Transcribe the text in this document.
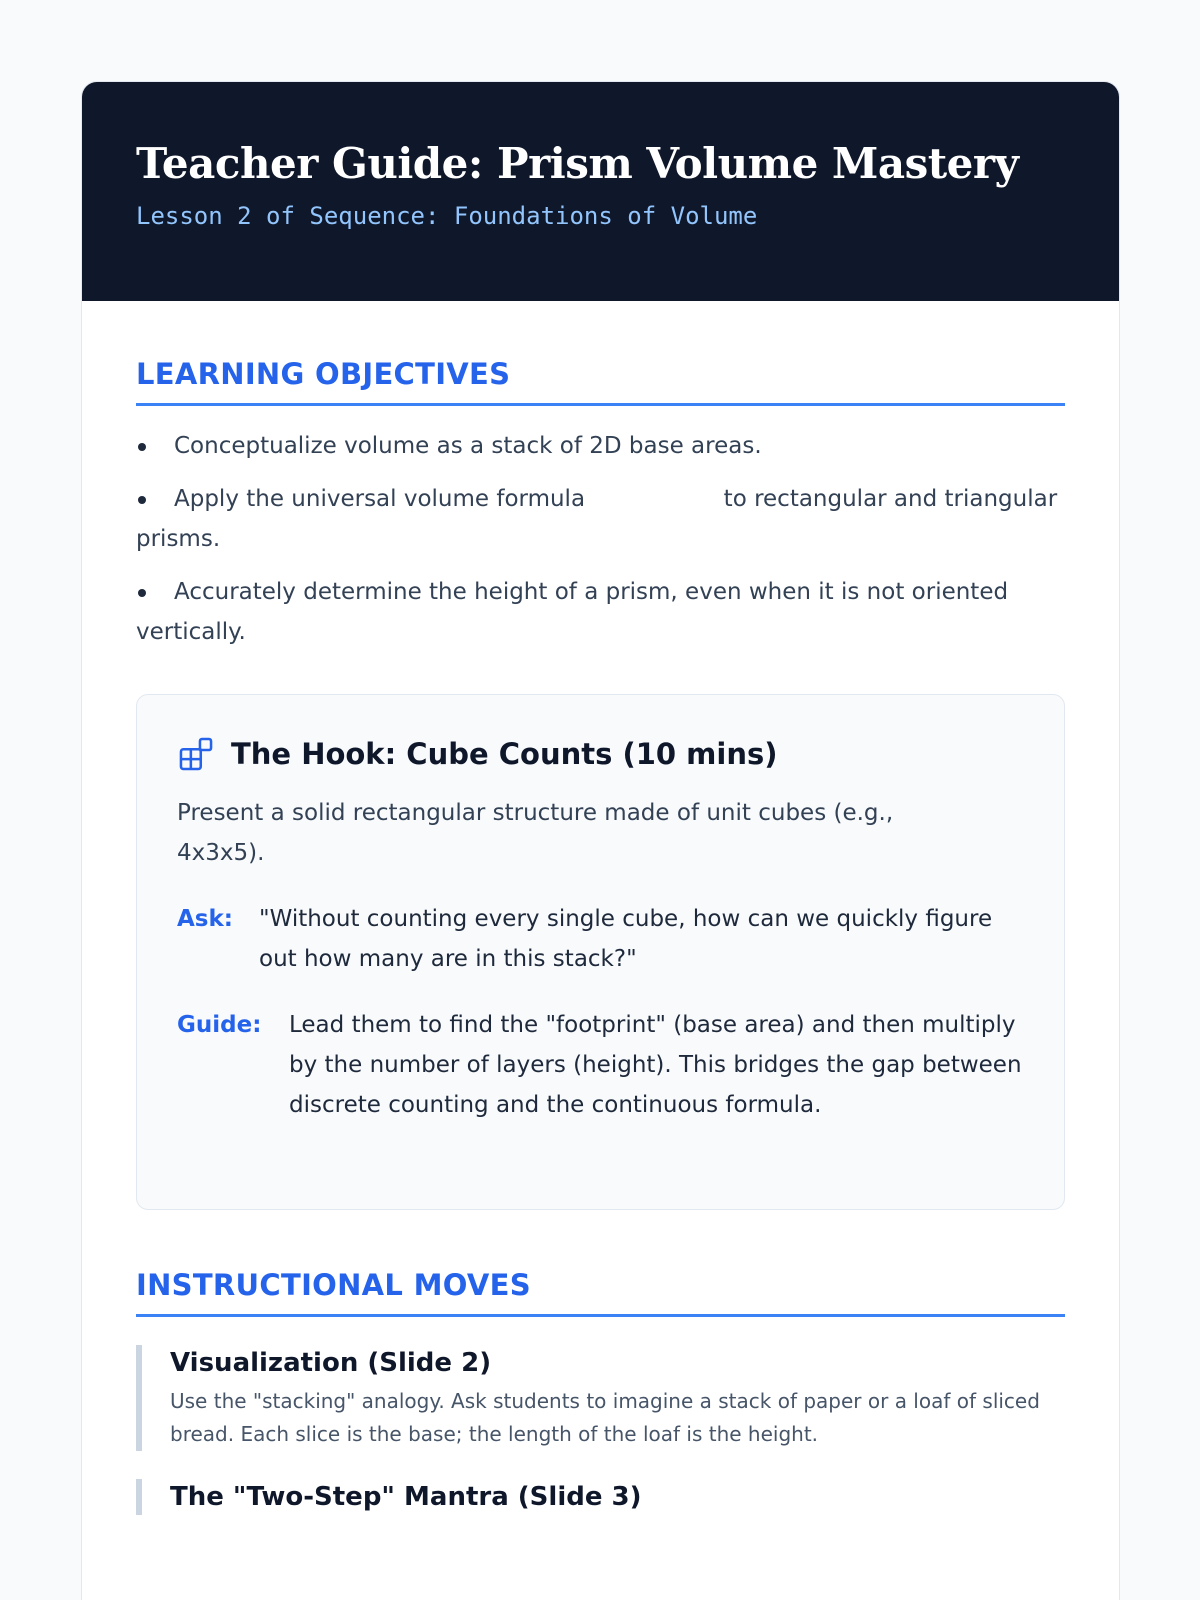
Teacher Guide: Prism Volume Mastery
Lesson 2 of Sequence: Foundations of Volume
LEARNING OBJECTIVES
Conceptualize volume as a stack of 2D base areas.
Apply the universal volume formula	to rectangular and triangular prisms.
Accurately determine the height of a prism, even when it is not oriented vertically.
The Hook: Cube Counts (10 mins)

Present a solid rectangular structure made of unit cubes (e.g., 4x3x5).

Ask:	"Without counting every single cube, how can we quickly figure out how many are in this stack?"
Guide:	Lead them to find the "footprint" (base area) and then multiply by the number of layers (height). This bridges the gap between discrete counting and the continuous formula.
INSTRUCTIONAL MOVES
Visualization (Slide 2)

Use the "stacking" analogy. Ask students to imagine a stack of paper or a loaf of sliced bread. Each slice is the base; the length of the loaf is the height.

The "Two-Step" Mantra (Slide 3)
